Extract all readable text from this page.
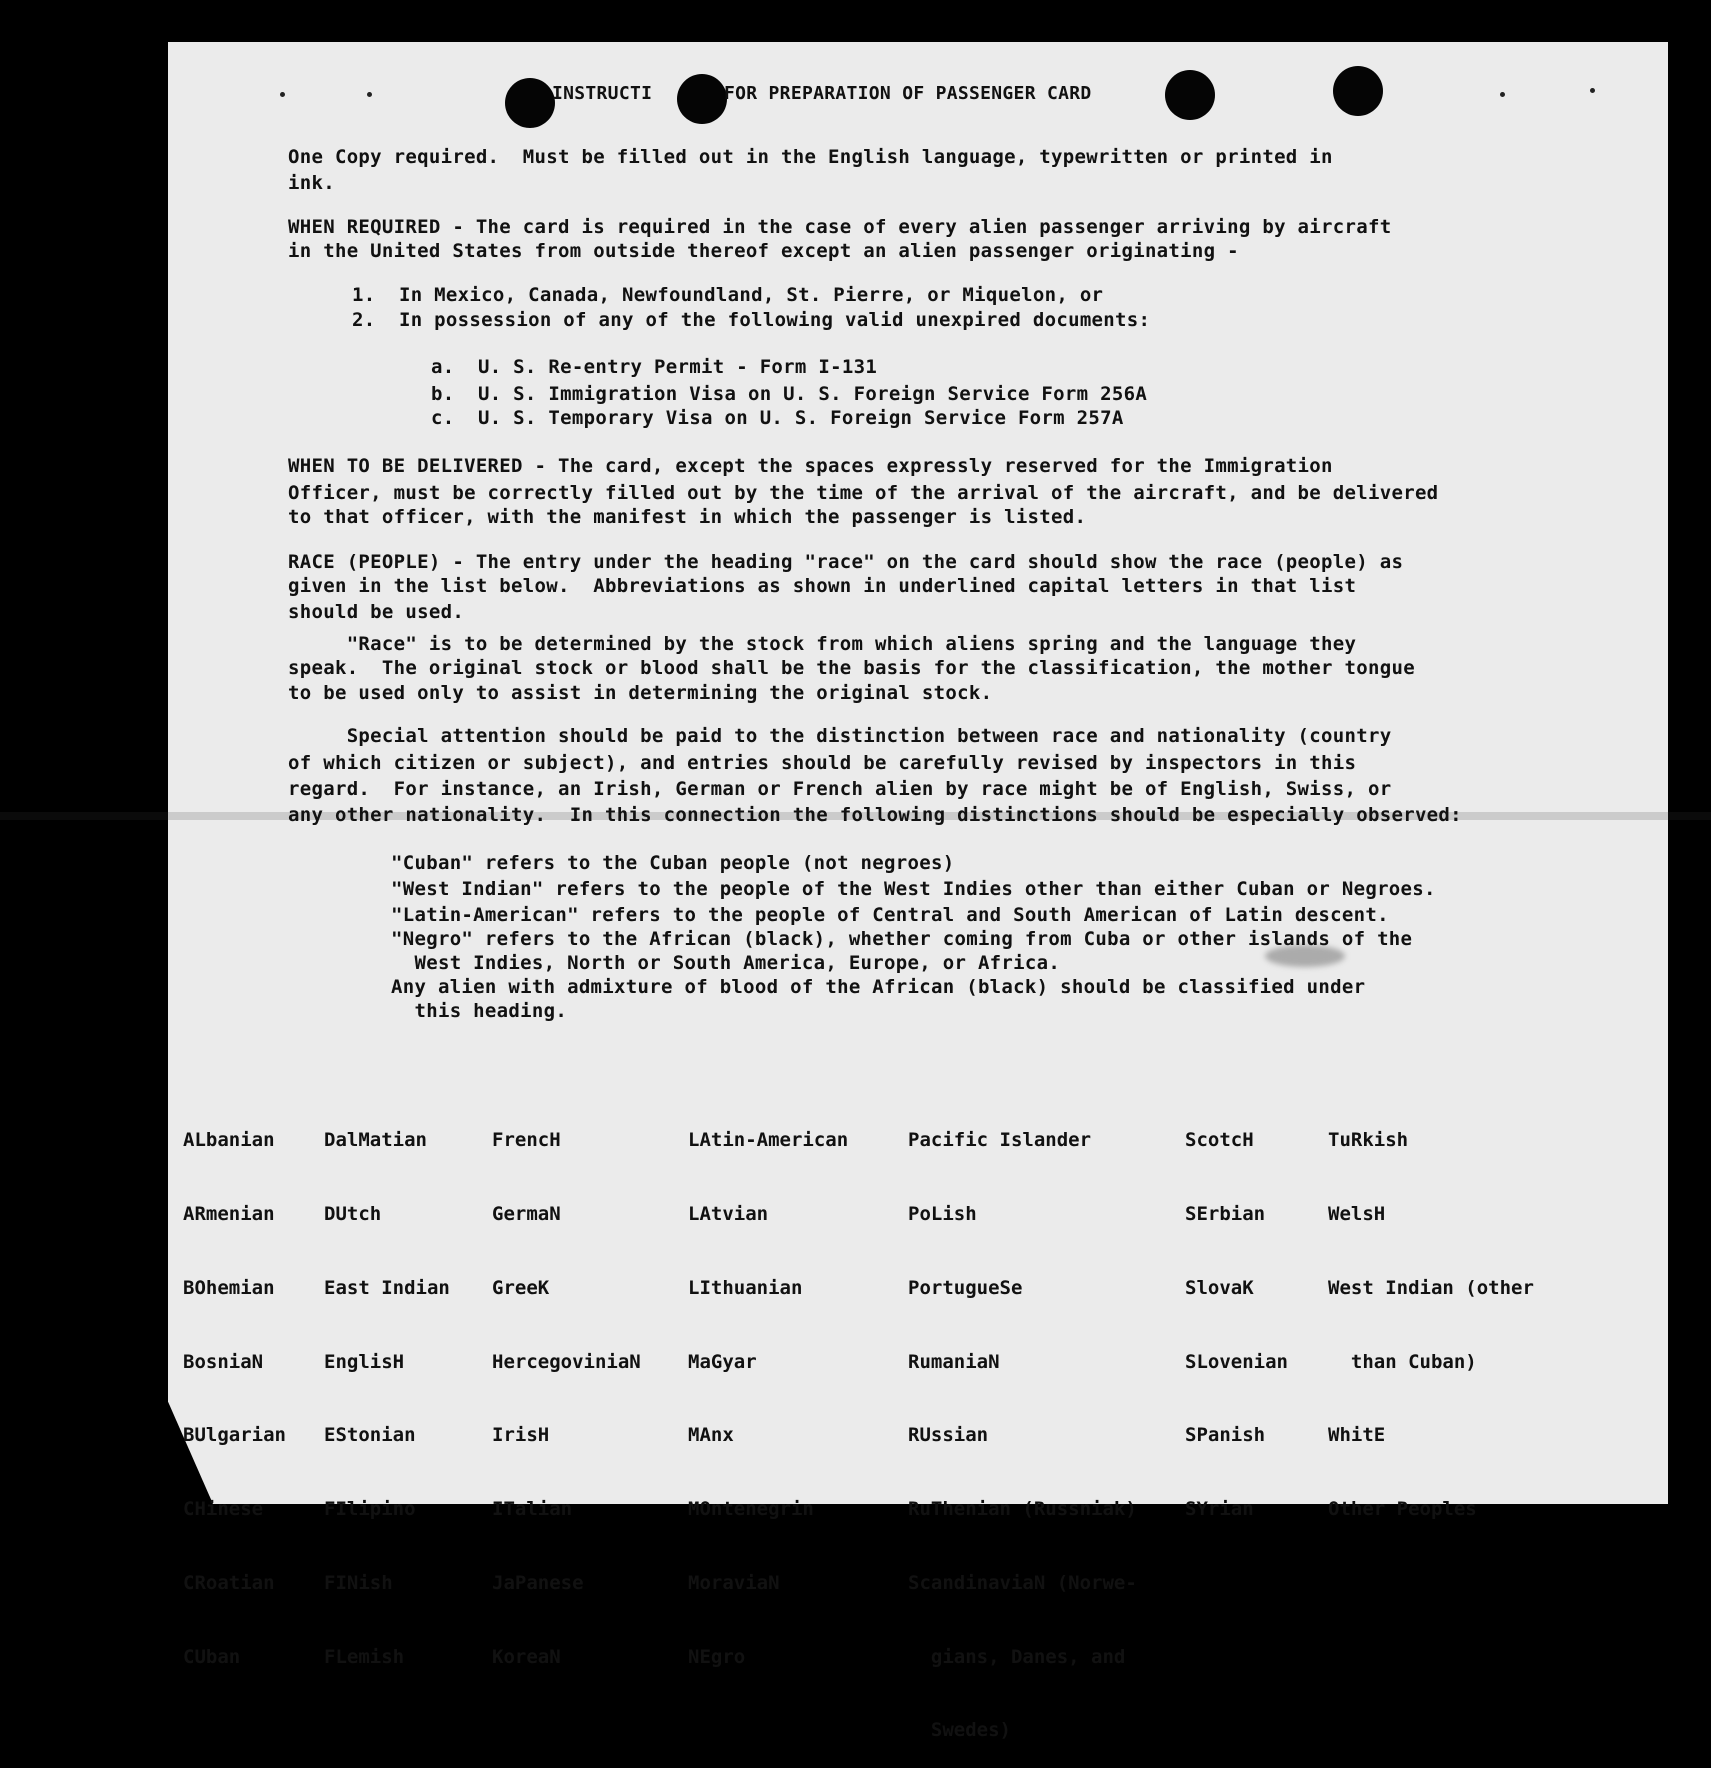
INSTRUCTI	FOR PREPARATION OF PASSENGER CARD
One Copy required.  Must be filled out in the English language, typewritten or printed in
ink.
WHEN REQUIRED - The card is required in the case of every alien passenger arriving by aircraft
in the United States from outside thereof except an alien passenger originating -
1.  In Mexico, Canada, Newfoundland, St. Pierre, or Miquelon, or
2.  In possession of any of the following valid unexpired documents:
a.  U. S. Re-entry Permit - Form I-131
b.  U. S. Immigration Visa on U. S. Foreign Service Form 256A
c.  U. S. Temporary Visa on U. S. Foreign Service Form 257A
WHEN TO BE DELIVERED - The card, except the spaces expressly reserved for the Immigration
Officer, must be correctly filled out by the time of the arrival of the aircraft, and be delivered
to that officer, with the manifest in which the passenger is listed.
RACE (PEOPLE) - The entry under the heading "race" on the card should show the race (people) as
given in the list below.  Abbreviations as shown in underlined capital letters in that list
should be used.
"Race" is to be determined by the stock from which aliens spring and the language they
speak.  The original stock or blood shall be the basis for the classification, the mother tongue
to be used only to assist in determining the original stock.
Special attention should be paid to the distinction between race and nationality (country
of which citizen or subject), and entries should be carefully revised by inspectors in this
regard.  For instance, an Irish, German or French alien by race might be of English, Swiss, or
any other nationality.  In this connection the following distinctions should be especially observed:
"Cuban" refers to the Cuban people (not negroes)
"West Indian" refers to the people of the West Indies other than either Cuban or Negroes.
"Latin-American" refers to the people of Central and South American of Latin descent.
"Negro" refers to the African (black), whether coming from Cuba or other islands of the
West Indies, North or South America, Europe, or Africa.
Any alien with admixture of blood of the African (black) should be classified under
this heading.

ALbanian

ARmenian

BOhemian

BosniaN

BUlgarian

CHinese

CRoatian

CUban

DalMatian

DUtch

East Indian

EnglisH

EStonian

FIlipino

FINish

FLemish

FrencH

GermaN

GreeK

HercegoviniaN

IrisH

ITalian

JaPanese

KoreaN

LAtin-American

LAtvian

LIthuanian

MaGyar

MAnx

MOntenegrin

MoraviaN

NEgro

Pacific Islander

PoLish

PortugueSe

RumaniaN

RUssian

RuThenian (Russniak)

ScandinaviaN (Norwe-

gians, Danes, and

Swedes)

ScotcH

SErbian

SlovaK

SLovenian

SPanish

SYrian

TuRkish

WelsH

West Indian (other

than Cuban)

WhitE

Other Peoples
